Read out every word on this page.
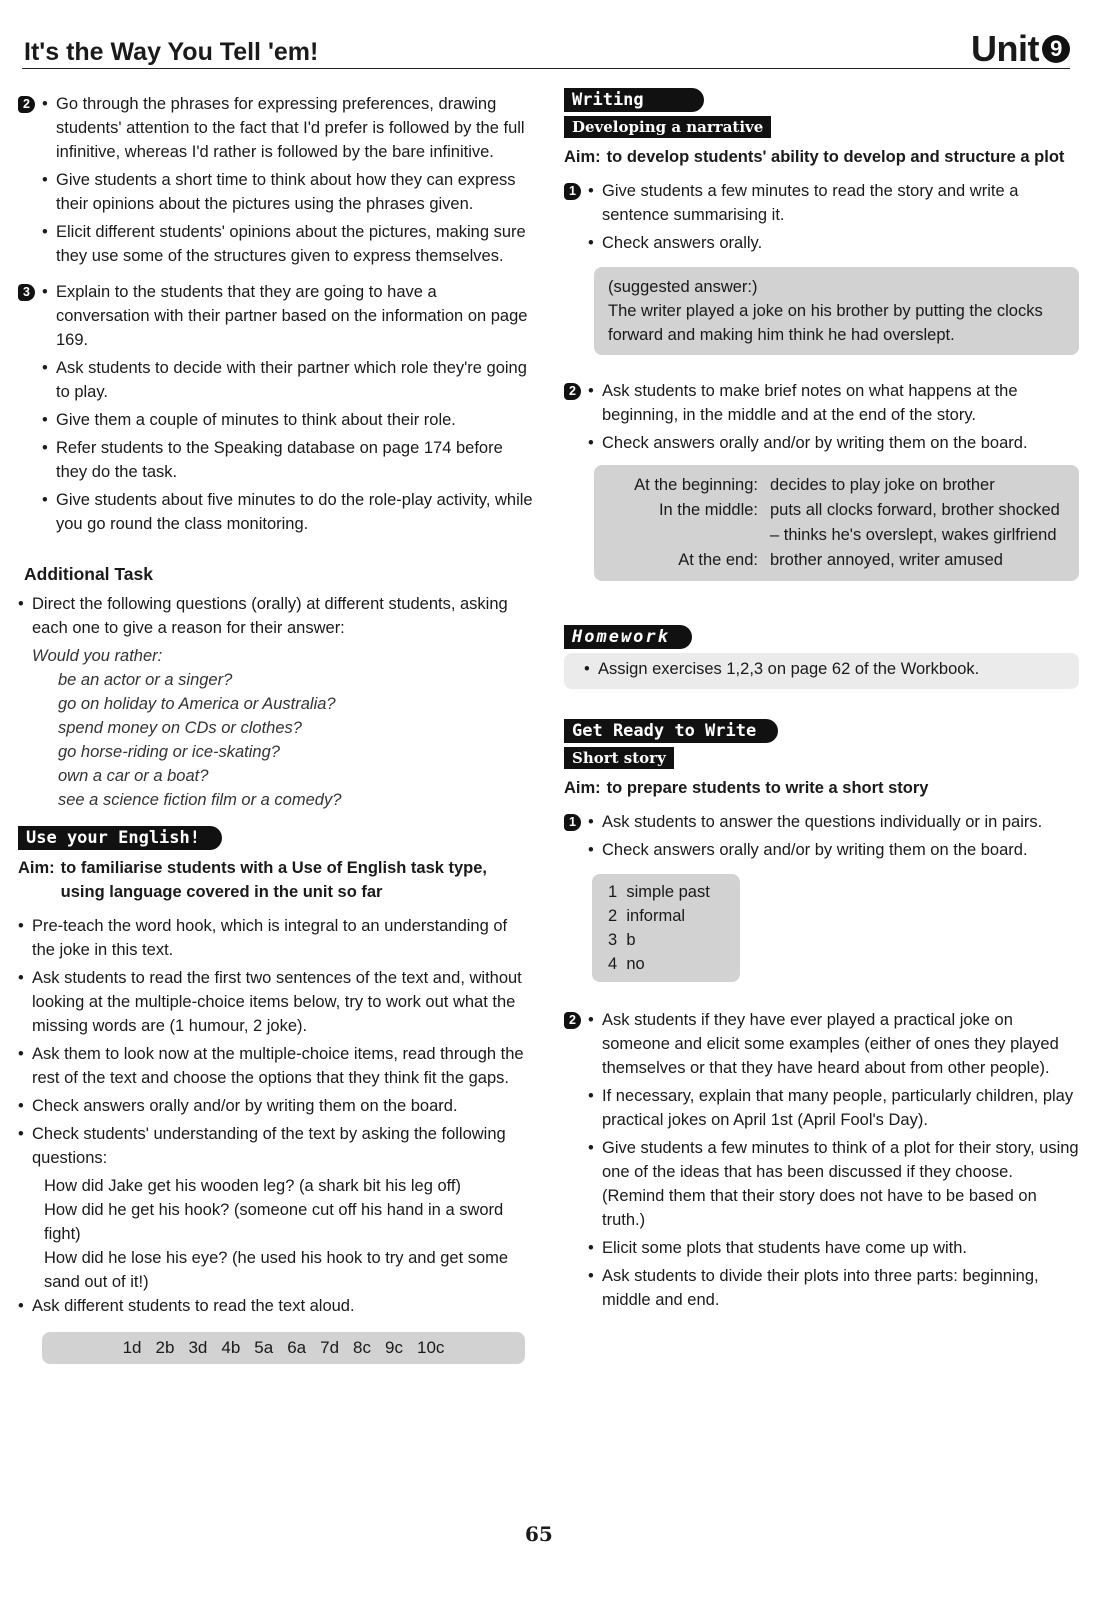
It's the Way You Tell 'em!	Unit 9
2	• Go through the phrases for expressing preferences, drawing students' attention to the fact that I'd prefer is followed by the full infinitive, whereas I'd rather is followed by the bare infinitive.
• Give students a short time to think about how they can express their opinions about the pictures using the phrases given.
• Elicit different students' opinions about the pictures, making sure they use some of the structures given to express themselves.
3	• Explain to the students that they are going to have a conversation with their partner based on the information on page 169.
• Ask students to decide with their partner which role they're going to play.
• Give them a couple of minutes to think about their role.
• Refer students to the Speaking database on page 174 before they do the task.
• Give students about five minutes to do the role-play activity, while you go round the class monitoring.
Additional Task
• Direct the following questions (orally) at different students, asking each one to give a reason for their answer:
Would you rather:
be an actor or a singer?
go on holiday to America or Australia?
spend money on CDs or clothes?
go horse-riding or ice-skating?
own a car or a boat?
see a science fiction film or a comedy?
Use your English!
Aim: to familiarise students with a Use of English task type, using language covered in the unit so far
• Pre-teach the word hook, which is integral to an understanding of the joke in this text.
• Ask students to read the first two sentences of the text and, without looking at the multiple-choice items below, try to work out what the missing words are (1 humour, 2 joke).
• Ask them to look now at the multiple-choice items, read through the rest of the text and choose the options that they think fit the gaps.
• Check answers orally and/or by writing them on the board.
• Check students' understanding of the text by asking the following questions:
How did Jake get his wooden leg? (a shark bit his leg off)
How did he get his hook? (someone cut off his hand in a sword fight)
How did he lose his eye? (he used his hook to try and get some sand out of it!)
• Ask different students to read the text aloud.
1d 2b 3d 4b 5a 6a 7d 8c 9c 10c
Writing
Developing a narrative
Aim: to develop students' ability to develop and structure a plot
1	• Give students a few minutes to read the story and write a sentence summarising it.
• Check answers orally.
(suggested answer:)
The writer played a joke on his brother by putting the clocks forward and making him think he had overslept.
2	• Ask students to make brief notes on what happens at the beginning, in the middle and at the end of the story.
• Check answers orally and/or by writing them on the board.
At the beginning:	decides to play joke on brother
In the middle:	puts all clocks forward, brother shocked – thinks he's overslept, wakes girlfriend
At the end:	brother annoyed, writer amused
Homework
• Assign exercises 1,2,3 on page 62 of the Workbook.
Get Ready to Write
Short story
Aim: to prepare students to write a short story
1	• Ask students to answer the questions individually or in pairs.
• Check answers orally and/or by writing them on the board.
1 simple past
2 informal
3 b
4 no
2	• Ask students if they have ever played a practical joke on someone and elicit some examples (either of ones they played themselves or that they have heard about from other people).
• If necessary, explain that many people, particularly children, play practical jokes on April 1st (April Fool's Day).
• Give students a few minutes to think of a plot for their story, using one of the ideas that has been discussed if they choose. (Remind them that their story does not have to be based on truth.)
• Elicit some plots that students have come up with.
• Ask students to divide their plots into three parts: beginning, middle and end.
65
